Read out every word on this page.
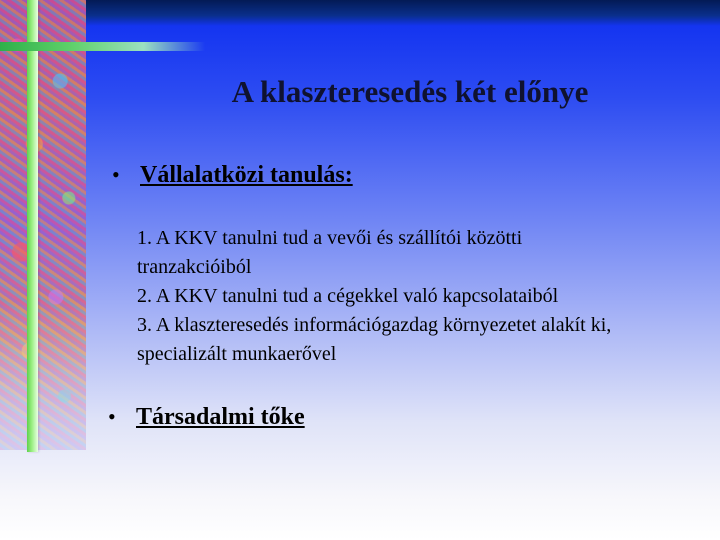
A klaszteresedés két előnye
• Vállalatközi tanulás:
1. A KKV tanulni tud a vevői és szállítói közötti
tranzakcióiból
2. A KKV tanulni tud a cégekkel való kapcsolataiból
3. A klaszteresedés információgazdag környezetet alakít ki,
specializált munkaerővel
• Társadalmi tőke
